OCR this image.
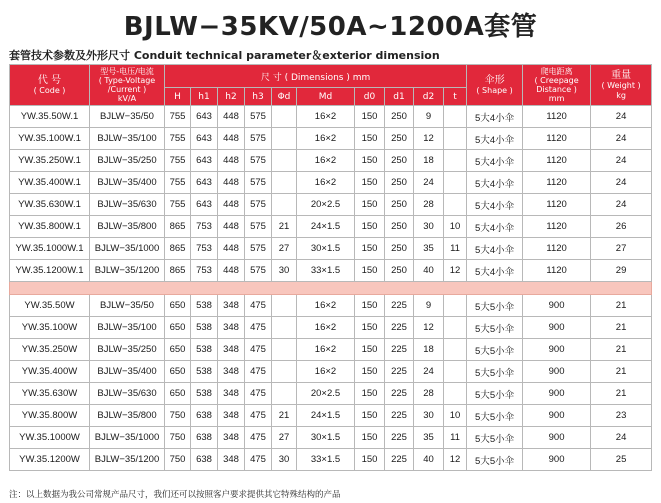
BJLW−35KV/50A~1200A套管
套管技术参数及外形尺寸 Conduit technical parameter＆exterior dimension
代 号
( Code )	型号-电压/电流
( Type-Voltage
/Current )
kV/A	尺 寸 ( Dimensions ) mm										伞形
( Shape )	爬电距离
( Creepage
Distance )
mm	重量
( Weight )
kg

		H	h1	h2	h3	Φd	Md	d0	d1	d2	t			
YW.35.50W.1	BJLW−35/50	755	643	448	575		16×2	150	250	9		5大4小伞	1120	24
YW.35.100W.1	BJLW−35/100	755	643	448	575		16×2	150	250	12		5大4小伞	1120	24
YW.35.250W.1	BJLW−35/250	755	643	448	575		16×2	150	250	18		5大4小伞	1120	24
YW.35.400W.1	BJLW−35/400	755	643	448	575		16×2	150	250	24		5大4小伞	1120	24
YW.35.630W.1	BJLW−35/630	755	643	448	575		20×2.5	150	250	28		5大4小伞	1120	24
YW.35.800W.1	BJLW−35/800	865	753	448	575	21	24×1.5	150	250	30	10	5大4小伞	1120	26
YW.35.1000W.1	BJLW−35/1000	865	753	448	575	27	30×1.5	150	250	35	11	5大4小伞	1120	27
YW.35.1200W.1	BJLW−35/1200	865	753	448	575	30	33×1.5	150	250	40	12	5大4小伞	1120	29

YW.35.50W	BJLW−35/50	650	538	348	475		16×2	150	225	9		5大5小伞	900	21
YW.35.100W	BJLW−35/100	650	538	348	475		16×2	150	225	12		5大5小伞	900	21
YW.35.250W	BJLW−35/250	650	538	348	475		16×2	150	225	18		5大5小伞	900	21
YW.35.400W	BJLW−35/400	650	538	348	475		16×2	150	225	24		5大5小伞	900	21
YW.35.630W	BJLW−35/630	650	538	348	475		20×2.5	150	225	28		5大5小伞	900	21
YW.35.800W	BJLW−35/800	750	638	348	475	21	24×1.5	150	225	30	10	5大5小伞	900	23
YW.35.1000W	BJLW−35/1000	750	638	348	475	27	30×1.5	150	225	35	11	5大5小伞	900	24
YW.35.1200W	BJLW−35/1200	750	638	348	475	30	33×1.5	150	225	40	12	5大5小伞	900	25
注：以上数据为我公司常规产品尺寸，我们还可以按照客户要求提供其它特殊结构的产品
